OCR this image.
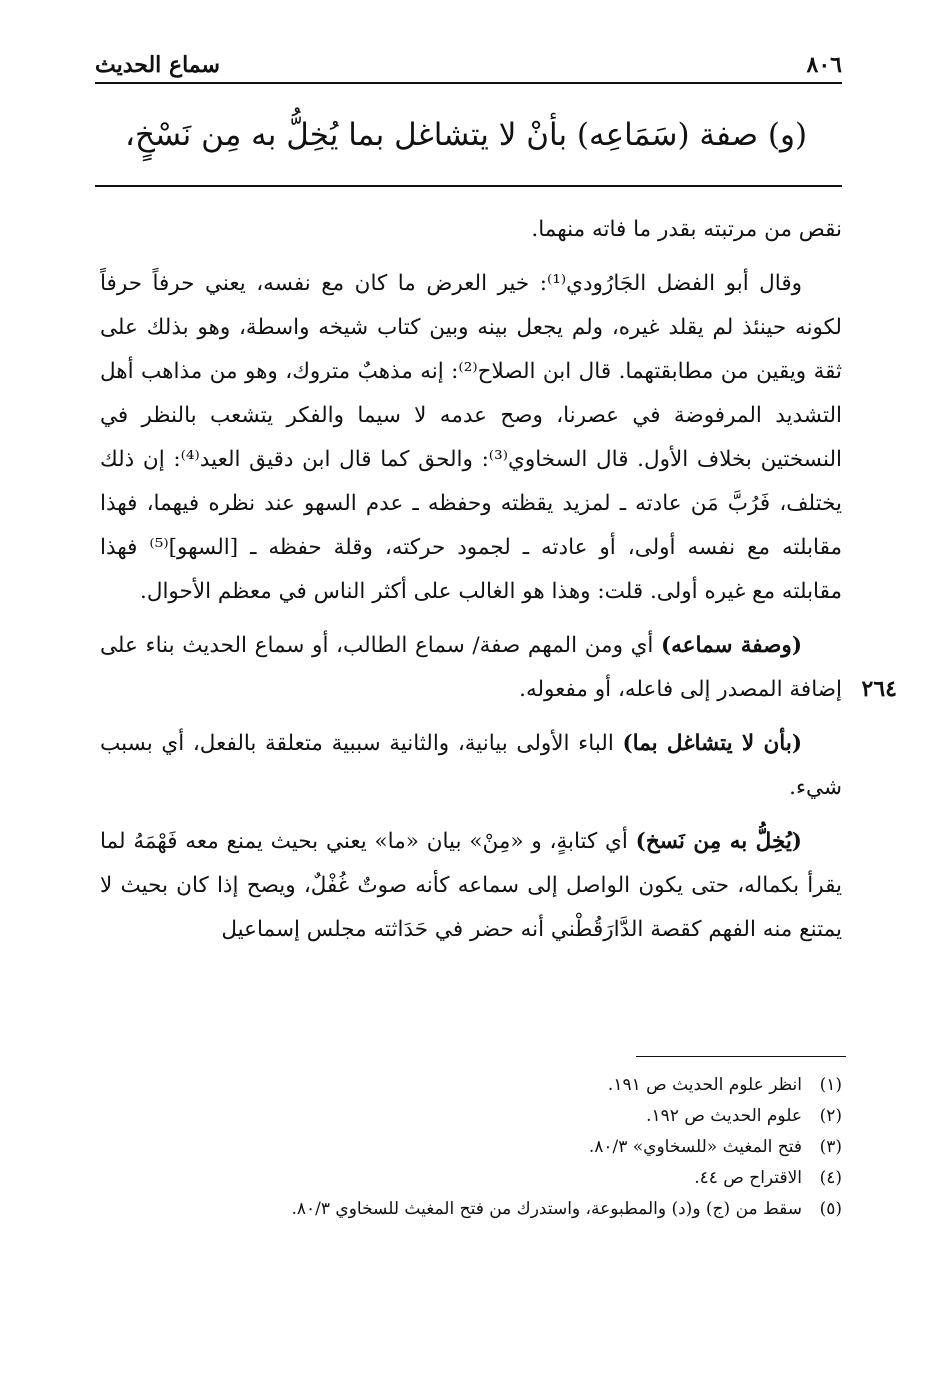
٨٠٦
سماع الحديث
(و) صفة (سَمَاعِه) بأنْ لا يتشاغل بما يُخِلُّ به مِن نَسْخٍ،

نقص من مرتبته بقدر ما فاته منهما.

وقال أبو الفضل الجَارُودي⁽¹⁾: خير العرض ما كان مع نفسه، يعني حرفاً حرفاً لكونه حينئذ لم يقلد غيره، ولم يجعل بينه وبين كتاب شيخه واسطة، وهو بذلك على ثقة ويقين من مطابقتهما. قال ابن الصلاح⁽²⁾: إنه مذهبٌ متروك، وهو من مذاهب أهل التشديد المرفوضة في عصرنا، وصح عدمه لا سيما والفكر يتشعب بالنظر في النسختين بخلاف الأول. قال السخاوي⁽³⁾: والحق كما قال ابن دقيق العيد⁽⁴⁾: إن ذلك يختلف، فَرُبَّ مَن عادته ـ لمزيد يقظته وحفظه ـ عدم السهو عند نظره فيهما، فهذا مقابلته مع نفسه أولى، أو عادته ـ لجمود حركته، وقلة حفظه ـ [السهو]⁽⁵⁾ فهذا مقابلته مع غيره أولى. قلت: وهذا هو الغالب على أكثر الناس في معظم الأحوال.

(وصفة سماعه) أي ومن المهم صفة/ سماع الطالب، أو سماع الحديث بناء على إضافة المصدر إلى فاعله، أو مفعوله.

(بأن لا يتشاغل بما) الباء الأولى بيانية، والثانية سببية متعلقة بالفعل، أي بسبب شيء.

(يُخِلُّ به مِن نَسخ) أي كتابةٍ، و «مِنْ» بيان «ما» يعني بحيث يمنع معه فَهْمَهُ لما يقرأ بكماله، حتى يكون الواصل إلى سماعه كأنه صوتٌ غُفْلٌ، ويصح إذا كان بحيث لا يمتنع منه الفهم كقصة الدَّارَقُطْني أنه حضر في حَدَاثته مجلس إسماعيل

٢٦٤
(١)انظر علوم الحديث ص ١٩١.
(٢)علوم الحديث ص ١٩٢.
(٣)فتح المغيث «للسخاوي» ٨٠/٣.
(٤)الاقتراح ص ٤٤.
(٥)سقط من (ج) و(د) والمطبوعة، واستدرك من فتح المغيث للسخاوي ٨٠/٣.
